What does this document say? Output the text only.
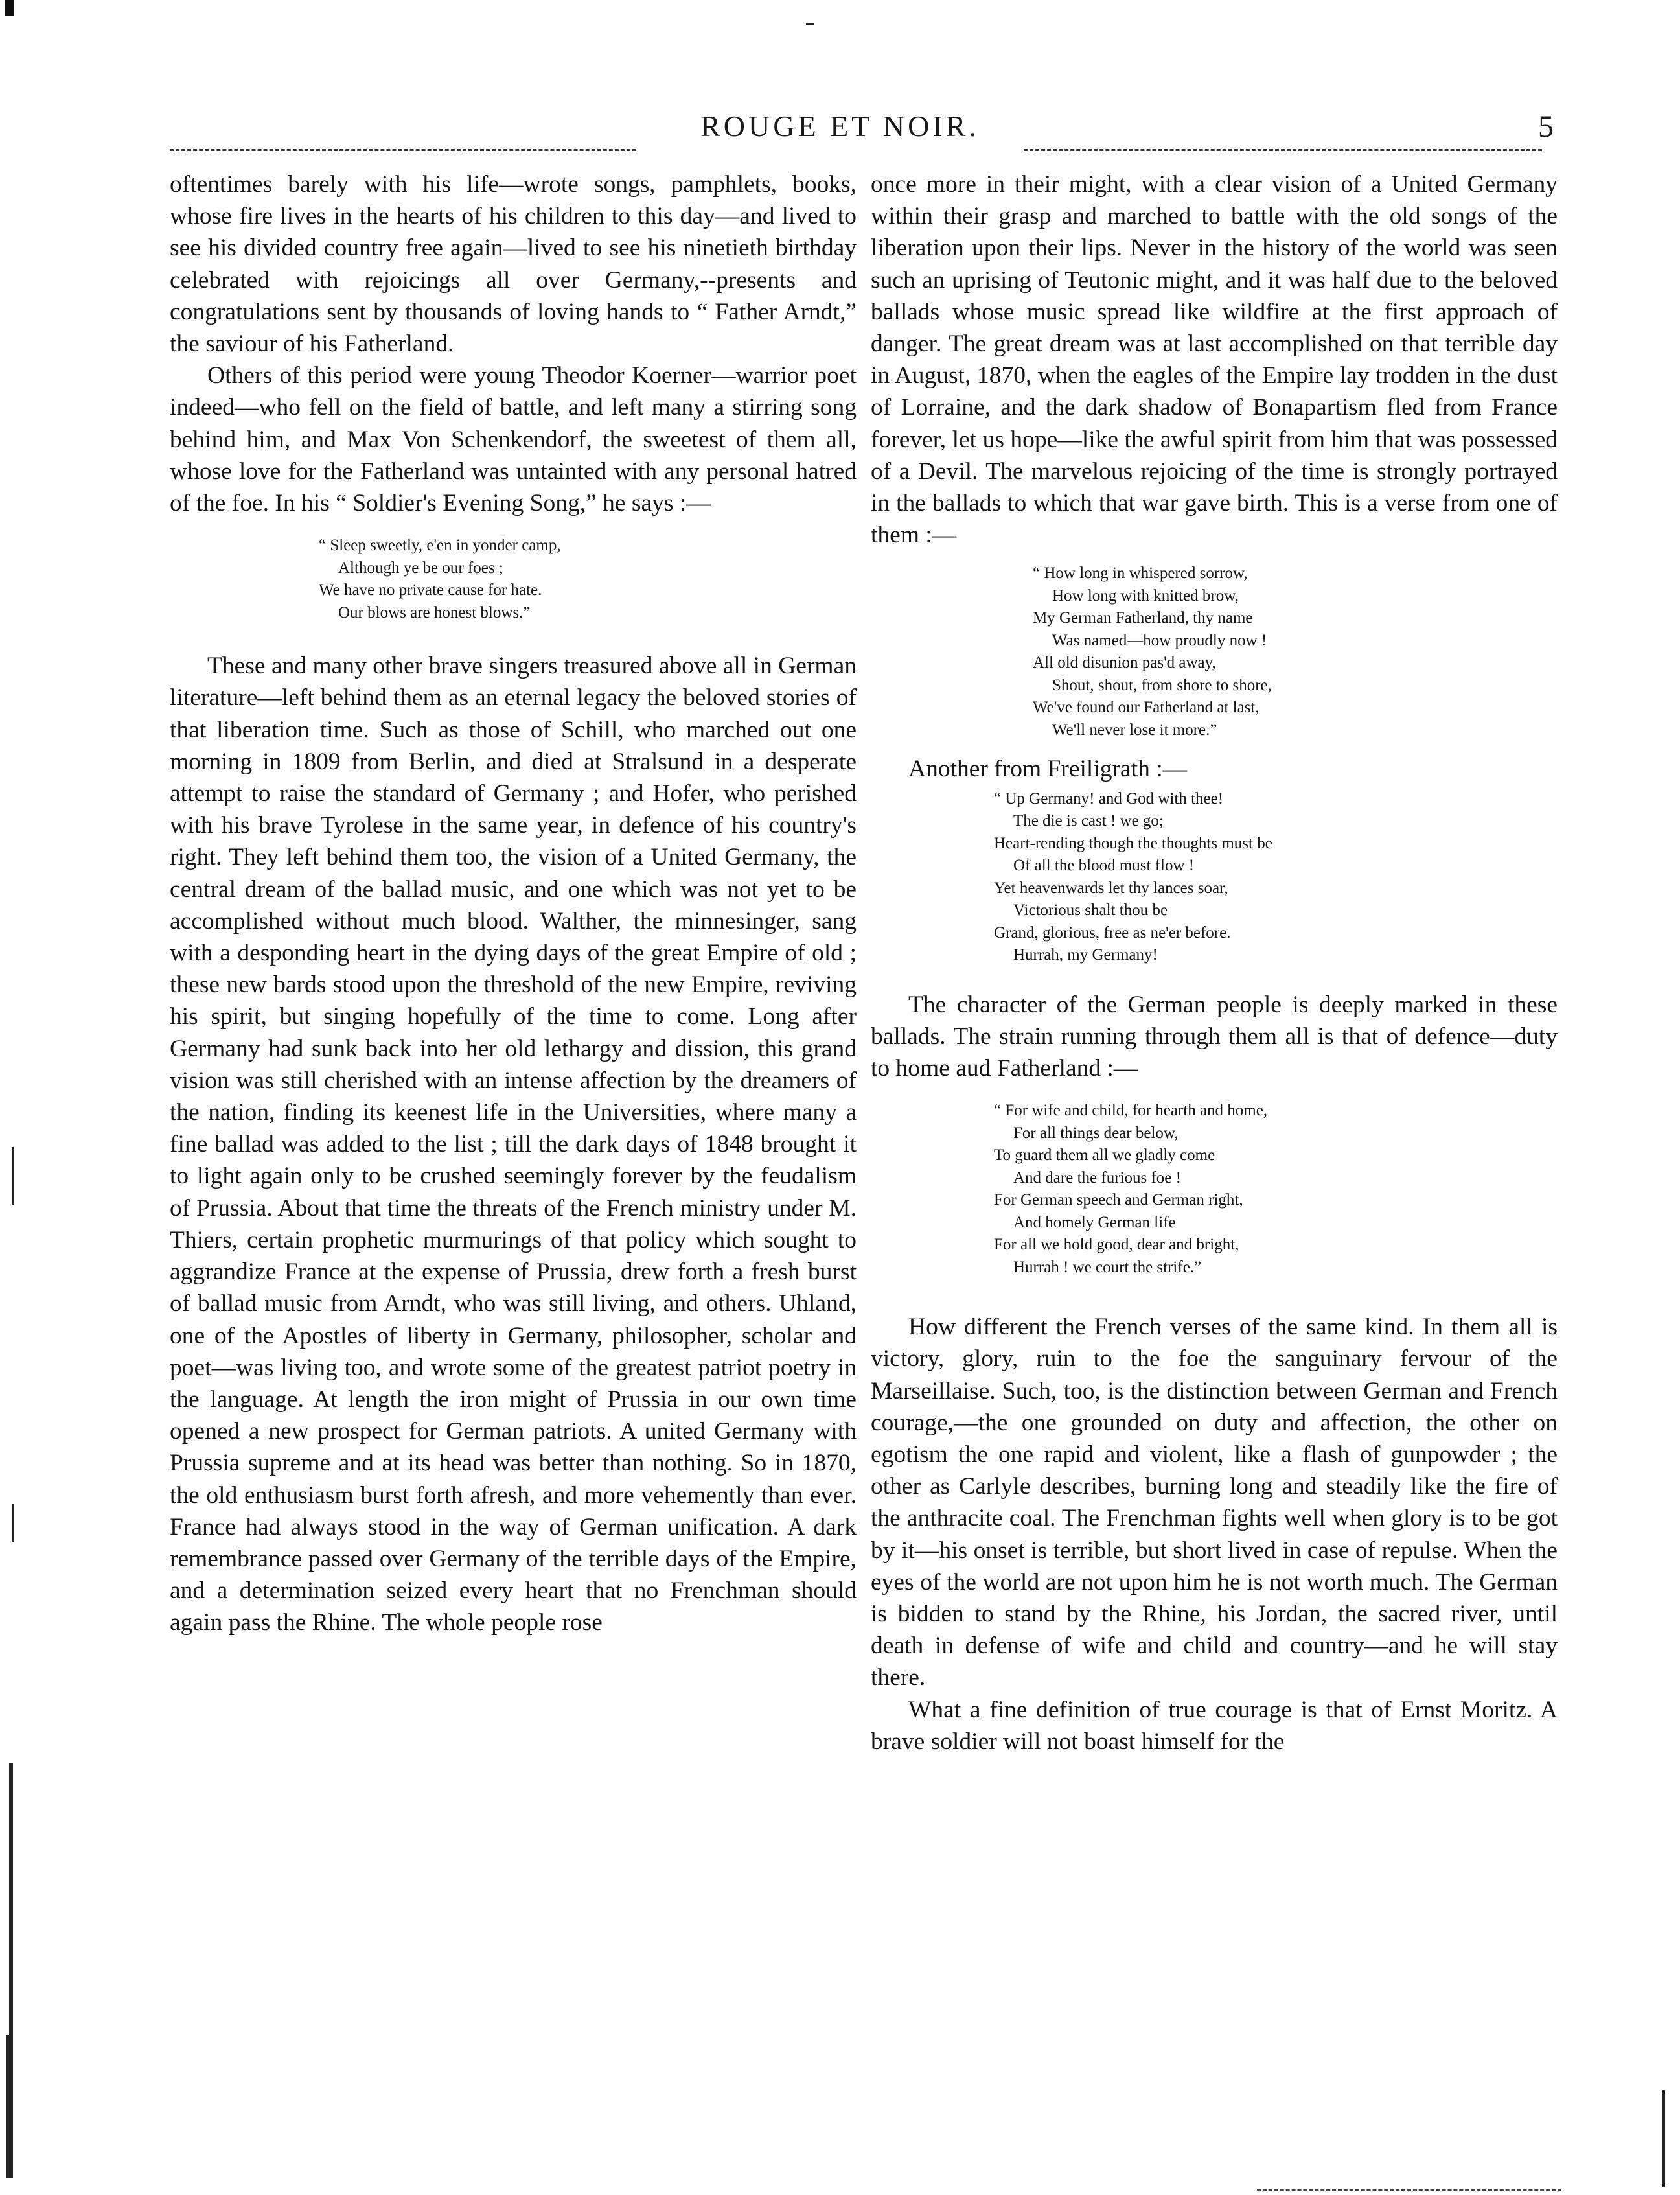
ROUGE ET NOIR.	5

oftentimes barely with his life—wrote songs, pamphlets, books, whose fire lives in the hearts of his children to this day—and lived to see his divided country free again—lived to see his ninetieth birthday celebrated with rejoicings all over Germany,--presents and congratulations sent by thousands of loving hands to “ Father Arndt,” the saviour of his Fatherland.

Others of this period were young Theodor Koerner—warrior poet indeed—who fell on the field of battle, and left many a stirring song behind him, and Max Von Schenkendorf, the sweetest of them all, whose love for the Fatherland was untainted with any personal hatred of the foe. In his “ Soldier's Evening Song,” he says :—

“ Sleep sweetly, e'en in yonder camp,
Although ye be our foes ;
We have no private cause for hate.
Our blows are honest blows.”

These and many other brave singers treasured above all in German literature—left behind them as an eternal legacy the beloved stories of that liberation time. Such as those of Schill, who marched out one morning in 1809 from Berlin, and died at Stralsund in a desperate attempt to raise the standard of Germany ; and Hofer, who perished with his brave Tyrolese in the same year, in defence of his country's right. They left behind them too, the vision of a United Germany, the central dream of the ballad music, and one which was not yet to be accomplished without much blood. Walther, the minnesinger, sang with a desponding heart in the dying days of the great Empire of old ; these new bards stood upon the threshold of the new Empire, reviving his spirit, but singing hopefully of the time to come. Long after Germany had sunk back into her old lethargy and dission, this grand vision was still cherished with an intense affection by the dreamers of the nation, finding its keenest life in the Universities, where many a fine ballad was added to the list ; till the dark days of 1848 brought it to light again only to be crushed seemingly forever by the feudalism of Prussia. About that time the threats of the French ministry under M. Thiers, certain prophetic murmurings of that policy which sought to aggrandize France at the expense of Prussia, drew forth a fresh burst of ballad music from Arndt, who was still living, and others. Uhland, one of the Apostles of liberty in Germany, philosopher, scholar and poet—was living too, and wrote some of the greatest patriot poetry in the language. At length the iron might of Prussia in our own time opened a new prospect for German patriots. A united Germany with Prussia supreme and at its head was better than nothing. So in 1870, the old enthusiasm burst forth afresh, and more vehemently than ever. France had always stood in the way of German unification. A dark remembrance passed over Germany of the terrible days of the Empire, and a determination seized every heart that no Frenchman should again pass the Rhine. The whole people rose

once more in their might, with a clear vision of a United Germany within their grasp and marched to battle with the old songs of the liberation upon their lips. Never in the history of the world was seen such an uprising of Teutonic might, and it was half due to the beloved ballads whose music spread like wildfire at the first approach of danger. The great dream was at last accomplished on that terrible day in August, 1870, when the eagles of the Empire lay trodden in the dust of Lorraine, and the dark shadow of Bonapartism fled from France forever, let us hope—like the awful spirit from him that was possessed of a Devil. The marvelous rejoicing of the time is strongly portrayed in the ballads to which that war gave birth. This is a verse from one of them :—

“ How long in whispered sorrow,
How long with knitted brow,
My German Fatherland, thy name
Was named—how proudly now !
All old disunion pas'd away,
Shout, shout, from shore to shore,
We've found our Fatherland at last,
We'll never lose it more.”

Another from Freiligrath :—

“ Up Germany! and God with thee!
The die is cast ! we go;
Heart-rending though the thoughts must be
Of all the blood must flow !
Yet heavenwards let thy lances soar,
Victorious shalt thou be
Grand, glorious, free as ne'er before.
Hurrah, my Germany!

The character of the German people is deeply marked in these ballads. The strain running through them all is that of defence—duty to home aud Fatherland :—

“ For wife and child, for hearth and home,
For all things dear below,
To guard them all we gladly come
And dare the furious foe !
For German speech and German right,
And homely German life
For all we hold good, dear and bright,
Hurrah ! we court the strife.”

How different the French verses of the same kind. In them all is victory, glory, ruin to the foe the sanguinary fervour of the Marseillaise. Such, too, is the distinction between German and French courage,—the one grounded on duty and affection, the other on egotism the one rapid and violent, like a flash of gunpowder ; the other as Carlyle describes, burning long and steadily like the fire of the anthracite coal. The Frenchman fights well when glory is to be got by it—his onset is terrible, but short lived in case of repulse. When the eyes of the world are not upon him he is not worth much. The German is bidden to stand by the Rhine, his Jordan, the sacred river, until death in defense of wife and child and country—and he will stay there.

What a fine definition of true courage is that of Ernst Moritz. A brave soldier will not boast himself for the
